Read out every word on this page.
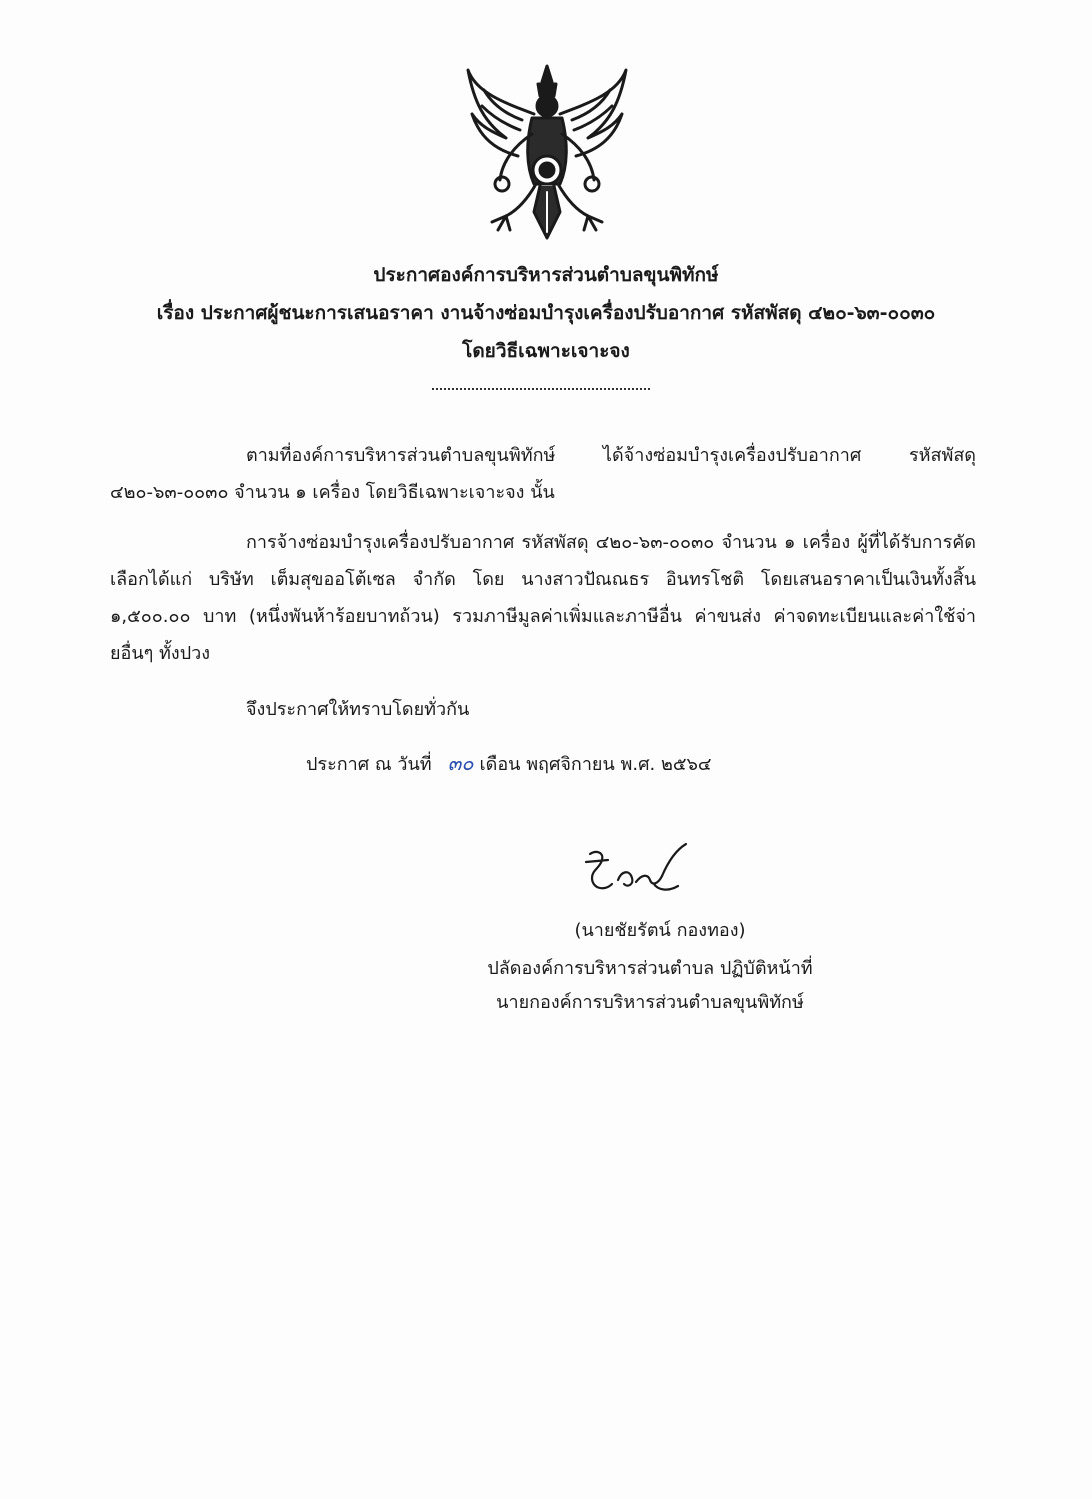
ประกาศองค์การบริหารส่วนตำบลขุนพิทักษ์
เรื่อง ประกาศผู้ชนะการเสนอราคา งานจ้างซ่อมบำรุงเครื่องปรับอากาศ รหัสพัสดุ ๔๒๐-๖๓-๐๐๓๐
โดยวิธีเฉพาะเจาะจง
ตามที่องค์การบริหารส่วนตำบลขุนพิทักษ์ ได้จ้างซ่อมบำรุงเครื่องปรับอากาศ รหัสพัสดุ ๔๒๐-๖๓-๐๐๓๐ จำนวน ๑ เครื่อง โดยวิธีเฉพาะเจาะจง นั้น
การจ้างซ่อมบำรุงเครื่องปรับอากาศ รหัสพัสดุ ๔๒๐-๖๓-๐๐๓๐ จำนวน ๑ เครื่อง ผู้ที่ได้รับการคัดเลือกได้แก่ บริษัท เต็มสุขออโต้เซล จำกัด โดย นางสาวปัณณธร อินทรโชติ โดยเสนอราคาเป็นเงินทั้งสิ้น ๑,๕๐๐.๐๐ บาท (หนึ่งพันห้าร้อยบาทถ้วน) รวมภาษีมูลค่าเพิ่มและภาษีอื่น ค่าขนส่ง ค่าจดทะเบียนและค่าใช้จ่ายอื่นๆ ทั้งปวง
จึงประกาศให้ทราบโดยทั่วกัน
ประกาศ ณ วันที่ ๓๐ เดือน พฤศจิกายน พ.ศ. ๒๕๖๔
(นายชัยรัตน์ กองทอง)
ปลัดองค์การบริหารส่วนตำบล ปฏิบัติหน้าที่
นายกองค์การบริหารส่วนตำบลขุนพิทักษ์
